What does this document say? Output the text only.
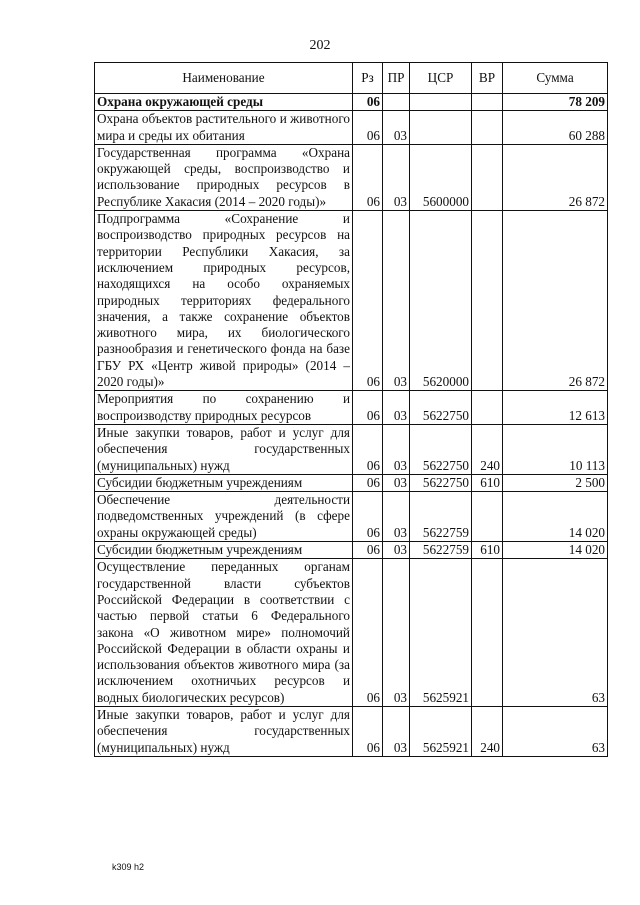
202
Наименование	Рз	ПР	ЦСР	ВР	Сумма
Охрана окружающей среды	06				78 209
Охрана объектов растительного и животного мира и среды их обитания	06	03			60 288
Государственная программа «Охрана окружающей среды, воспроизводство и использование природных ресурсов в Республике Хакасия (2014 – 2020 годы)»	06	03	5600000		26 872
Подпрограмма «Сохранение и воспроизводство природных ресурсов на территории Республики Хакасия, за исключением природных ресурсов, находящихся на особо охраняемых природных территориях федерального значения, а также сохранение объектов животного мира, их биологического разнообразия и генетического фонда на базе ГБУ РХ «Центр живой природы» (2014 – 2020 годы)»	06	03	5620000		26 872
Мероприятия по сохранению и воспроизводству природных ресурсов	06	03	5622750		12 613
Иные закупки товаров, работ и услуг для обеспечения государственных (муниципальных) нужд	06	03	5622750	240	10 113
Субсидии бюджетным учреждениям	06	03	5622750	610	2 500
Обеспечение деятельности подведомственных учреждений (в сфере охраны окружающей среды)	06	03	5622759		14 020
Субсидии бюджетным учреждениям	06	03	5622759	610	14 020
Осуществление переданных органам государственной власти субъектов Российской Федерации в соответствии с частью первой статьи 6 Федерального закона «О животном мире» полномочий Российской Федерации в области охраны и использования объектов животного мира (за исключением охотничьих ресурсов и водных биологических ресурсов)	06	03	5625921		63
Иные закупки товаров, работ и услуг для обеспечения государственных (муниципальных) нужд	06	03	5625921	240	63
k309 h2
